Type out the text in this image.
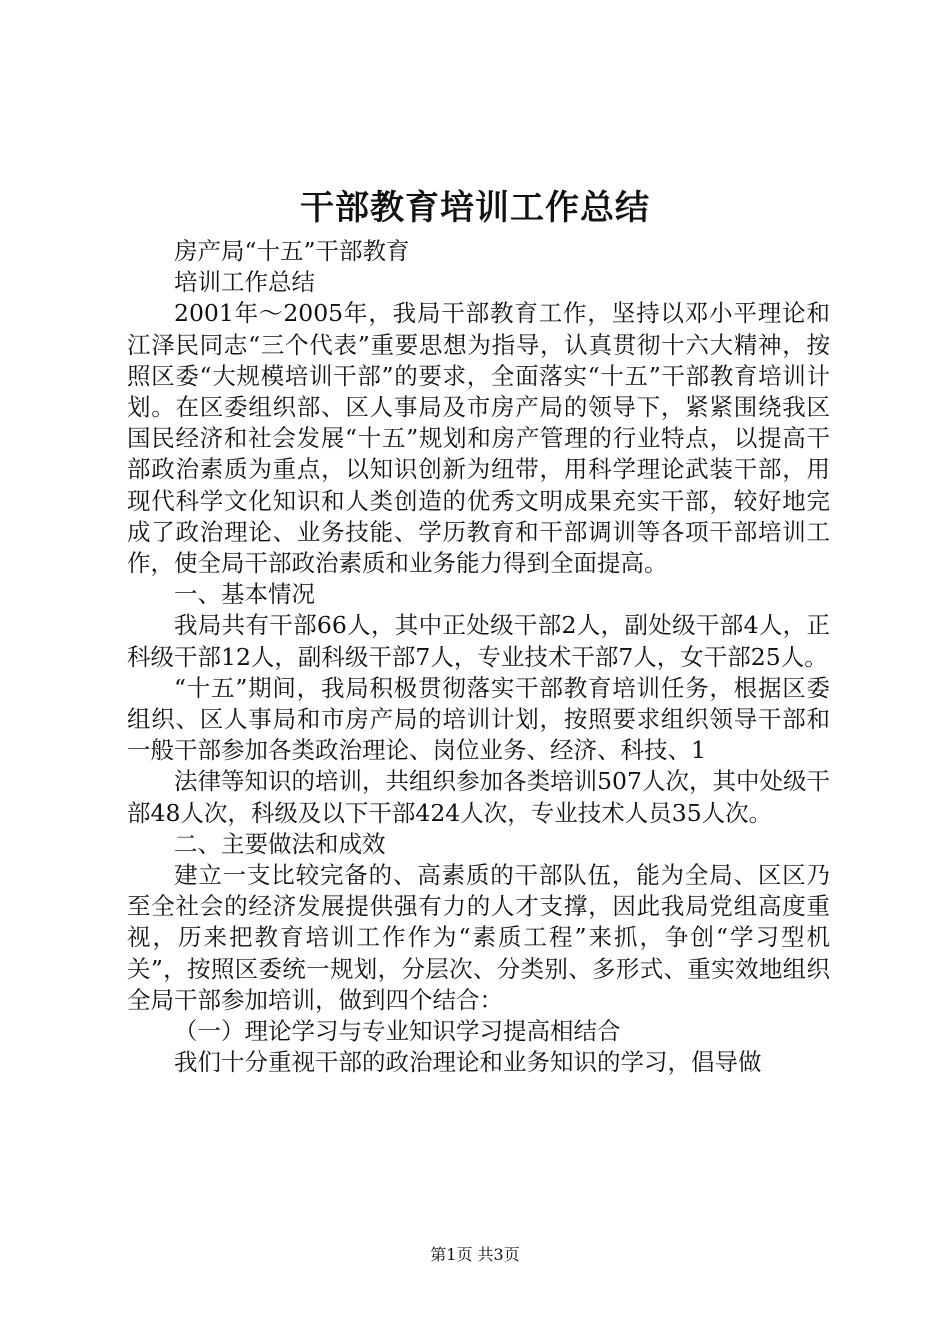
干部教育培训工作总结

房产局“十五”干部教育

培训工作总结

2001年～2005年，我局干部教育工作，坚持以邓小平理论和江泽民同志“三个代表”重要思想为指导，认真贯彻十六大精神，按照区委“大规模培训干部”的要求，全面落实“十五”干部教育培训计划。在区委组织部、区人事局及市房产局的领导下，紧紧围绕我区国民经济和社会发展“十五”规划和房产管理的行业特点，以提高干部政治素质为重点，以知识创新为纽带，用科学理论武装干部，用现代科学文化知识和人类创造的优秀文明成果充实干部，较好地完成了政治理论、业务技能、学历教育和干部调训等各项干部培训工作，使全局干部政治素质和业务能力得到全面提高。

一、基本情况

我局共有干部66人，其中正处级干部2人，副处级干部4人，正科级干部12人，副科级干部7人，专业技术干部7人，女干部25人。

“十五”期间，我局积极贯彻落实干部教育培训任务，根据区委组织、区人事局和市房产局的培训计划，按照要求组织领导干部和一般干部参加各类政治理论、岗位业务、经济、科技、1

法律等知识的培训，共组织参加各类培训507人次，其中处级干部48人次，科级及以下干部424人次，专业技术人员35人次。

二、主要做法和成效

建立一支比较完备的、高素质的干部队伍，能为全局、区区乃至全社会的经济发展提供强有力的人才支撑，因此我局党组高度重视，历来把教育培训工作作为“素质工程”来抓，争创“学习型机关”，按照区委统一规划，分层次、分类别、多形式、重实效地组织全局干部参加培训，做到四个结合：

（一）理论学习与专业知识学习提高相结合

我们十分重视干部的政治理论和业务知识的学习，倡导做

第1页 共3页
